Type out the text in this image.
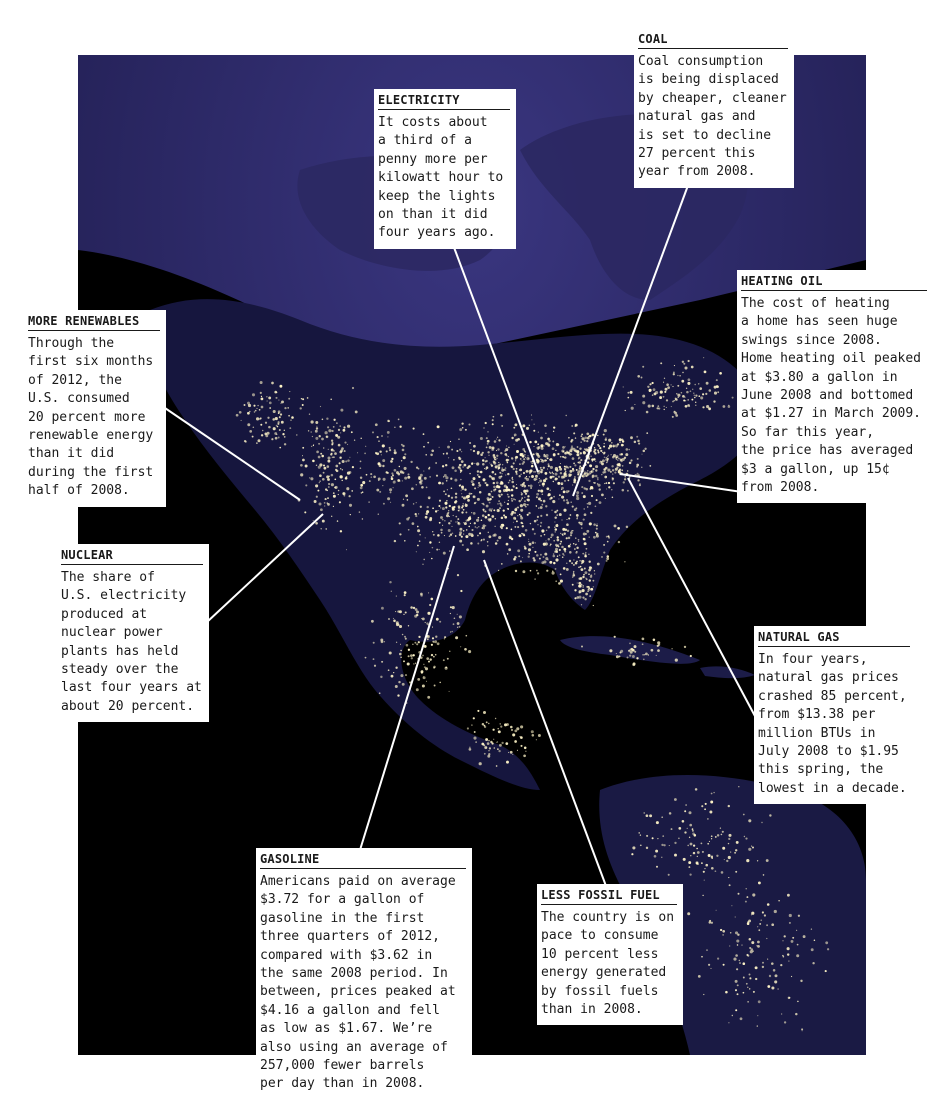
COAL
Coal consumption
is being displaced
by cheaper, cleaner
natural gas and
is set to decline
27 percent this
year from 2008.
ELECTRICITY
It costs about
a third of a
penny more per
kilowatt hour to
keep the lights
on than it did
four years ago.
HEATING OIL
The cost of heating
a home has seen huge
swings since 2008.
Home heating oil peaked
at $3.80 a gallon in
June 2008 and bottomed
at $1.27 in March 2009.
So far this year,
the price has averaged
$3 a gallon, up 15¢
from 2008.
MORE RENEWABLES
Through the
first six months
of 2012, the
U.S. consumed
20 percent more
renewable energy
than it did
during the first
half of 2008.
NUCLEAR
The share of
U.S. electricity
produced at
nuclear power
plants has held
steady over the
last four years at
about 20 percent.
NATURAL GAS
In four years,
natural gas prices
crashed 85 percent,
from $13.38 per
million BTUs in
July 2008 to $1.95
this spring, the
lowest in a decade.
GASOLINE
Americans paid on average
$3.72 for a gallon of
gasoline in the first
three quarters of 2012,
compared with $3.62 in
the same 2008 period. In
between, prices peaked at
$4.16 a gallon and fell
as low as $1.67. We’re
also using an average of
257,000 fewer barrels
per day than in 2008.
LESS FOSSIL FUEL
The country is on
pace to consume
10 percent less
energy generated
by fossil fuels
than in 2008.
